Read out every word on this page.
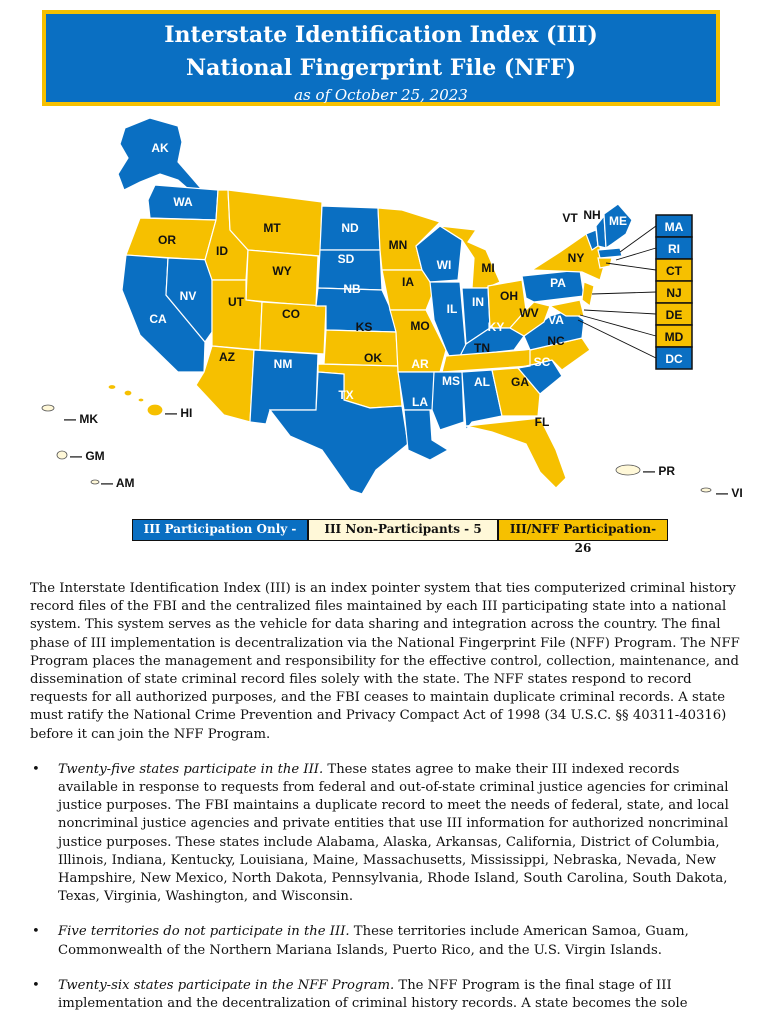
Interstate Identification Index (III)
National Fingerprint File (NFF)
as of October 25, 2023
AK
WA
CA
NV
NM
ND
SD
NB
TX
AR
LA
WI
IL IN
KY
MS AL
SC
VA
PA
ME
OR
ID
MT
WY
UT
CO
AZ
KS
OK
MN
IA
MO
MI
OH
WV
TN	NC
GA
FL
NY
VT NH
MA
RI
CT
NJ
DE
MD
DC
— MK
— GM
— AM
— HI
— PR
— VI
III Participation Only - 25
III Non-Participants - 5	III/NFF Participation- 26

The Interstate Identification Index (III) is an index pointer system that ties computerized criminal history record files of the FBI and the centralized files maintained by each III participating state into a national system. This system serves as the vehicle for data sharing and integration across the country. The final phase of III implementation is decentralization via the National Fingerprint File (NFF) Program. The NFF Program places the management and responsibility for the effective control, collection, maintenance, and dissemination of state criminal record files solely with the state. The NFF states respond to record requests for all authorized purposes, and the FBI ceases to maintain duplicate criminal records. A state must ratify the National Crime Prevention and Privacy Compact Act of 1998 (34 U.S.C. §§ 40311-40316) before it can join the NFF Program.

• Twenty-five states participate in the III. These states agree to make their III indexed records available in response to requests from federal and out-of-state criminal justice agencies for criminal justice purposes. The FBI maintains a duplicate record to meet the needs of federal, state, and local noncriminal justice agencies and private entities that use III information for authorized noncriminal justice purposes. These states include Alabama, Alaska, Arkansas, California, District of Columbia, Illinois, Indiana, Kentucky, Louisiana, Maine, Massachusetts, Mississippi, Nebraska, Nevada, New Hampshire, New Mexico, North Dakota, Pennsylvania, Rhode Island, South Carolina, South Dakota, Texas, Virginia, Washington, and Wisconsin.
• Five territories do not participate in the III. These territories include American Samoa, Guam, Commonwealth of the Northern Mariana Islands, Puerto Rico, and the U.S. Virgin Islands.
• Twenty-six states participate in the NFF Program. The NFF Program is the final stage of III implementation and the decentralization of criminal history records. A state becomes the sole
